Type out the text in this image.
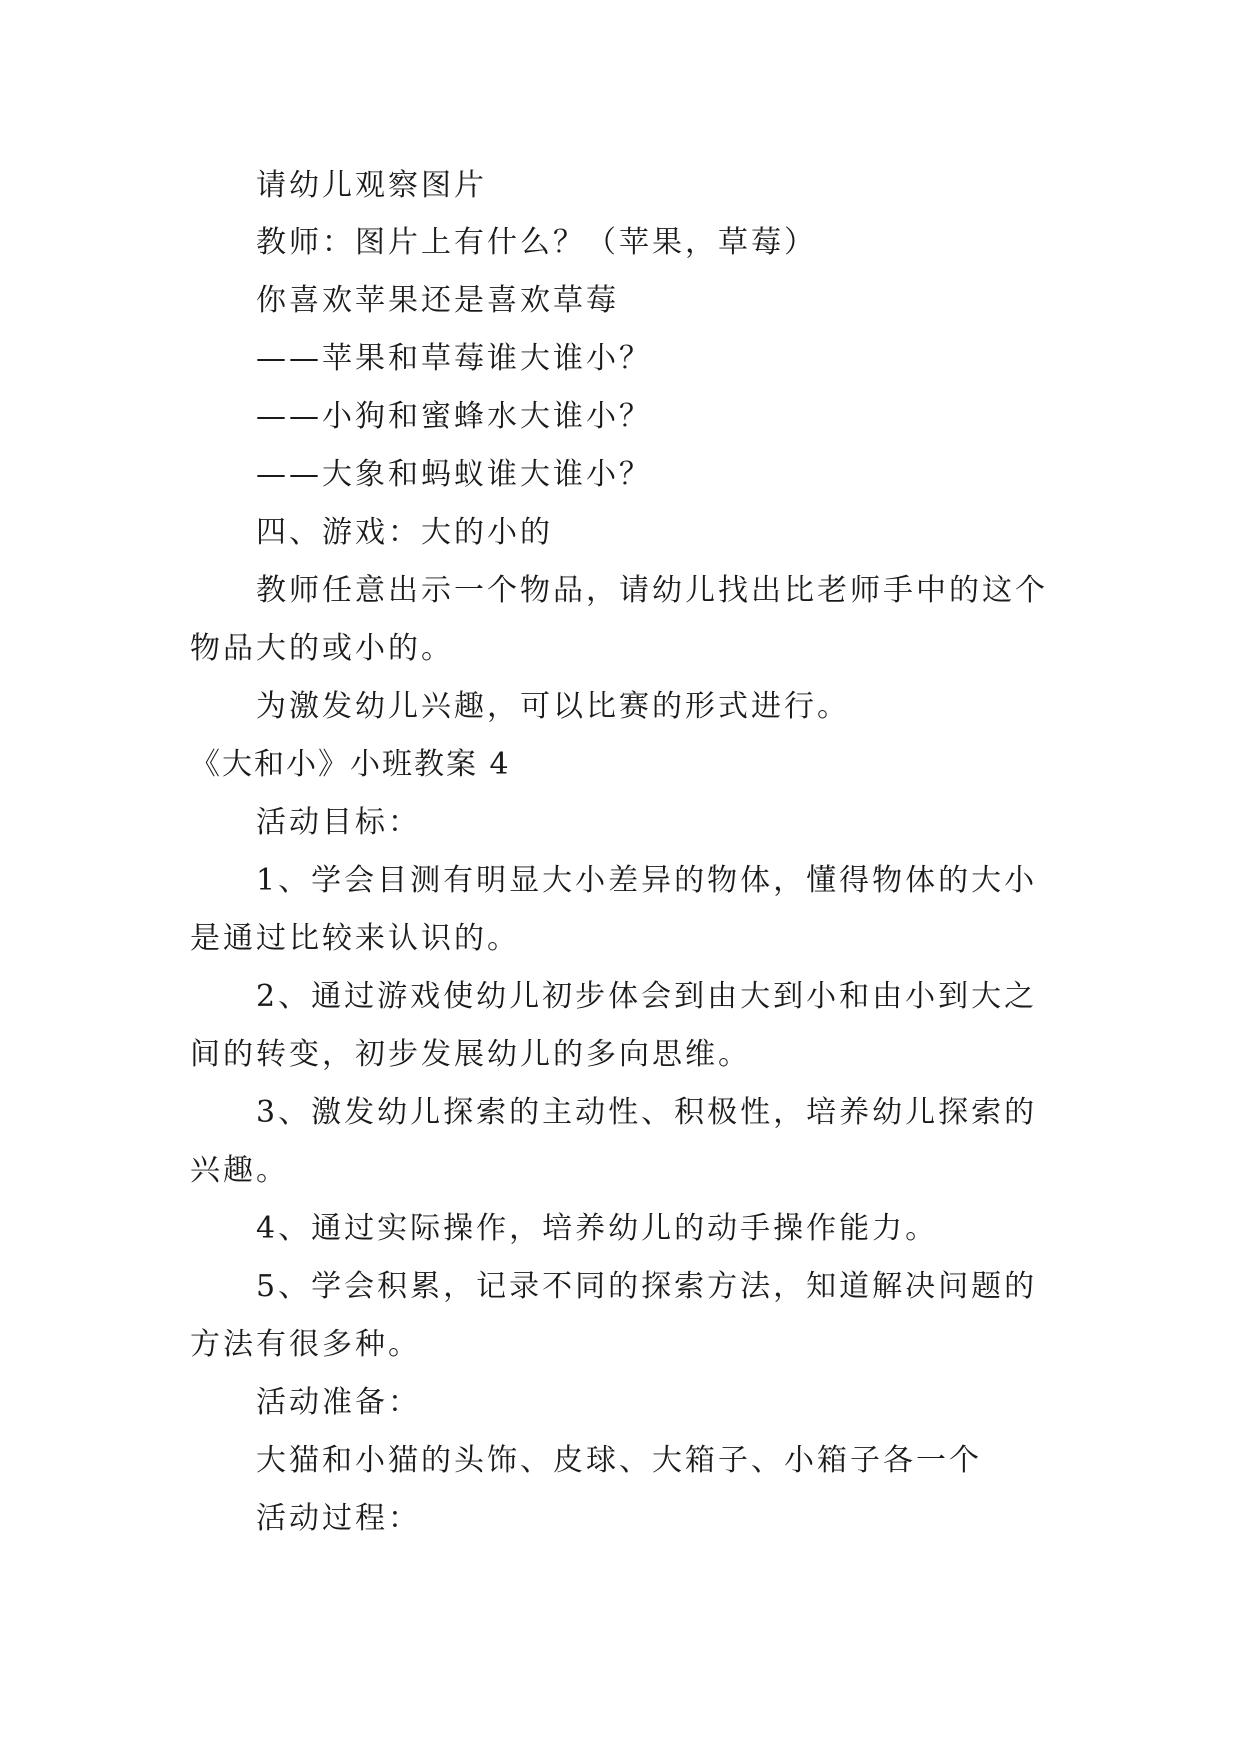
请幼儿观察图片
教师：图片上有什么？（苹果，草莓）
你喜欢苹果还是喜欢草莓
——苹果和草莓谁大谁小？
——小狗和蜜蜂水大谁小？
——大象和蚂蚁谁大谁小？
四、游戏：大的小的
教师任意出示一个物品，请幼儿找出比老师手中的这个
物品大的或小的。
为激发幼儿兴趣，可以比赛的形式进行。
《大和小》小班教案 4
活动目标：
1、学会目测有明显大小差异的物体，懂得物体的大小
是通过比较来认识的。
2、通过游戏使幼儿初步体会到由大到小和由小到大之
间的转变，初步发展幼儿的多向思维。
3、激发幼儿探索的主动性、积极性，培养幼儿探索的
兴趣。
4、通过实际操作，培养幼儿的动手操作能力。
5、学会积累，记录不同的探索方法，知道解决问题的
方法有很多种。
活动准备：
大猫和小猫的头饰、皮球、大箱子、小箱子各一个
活动过程：
